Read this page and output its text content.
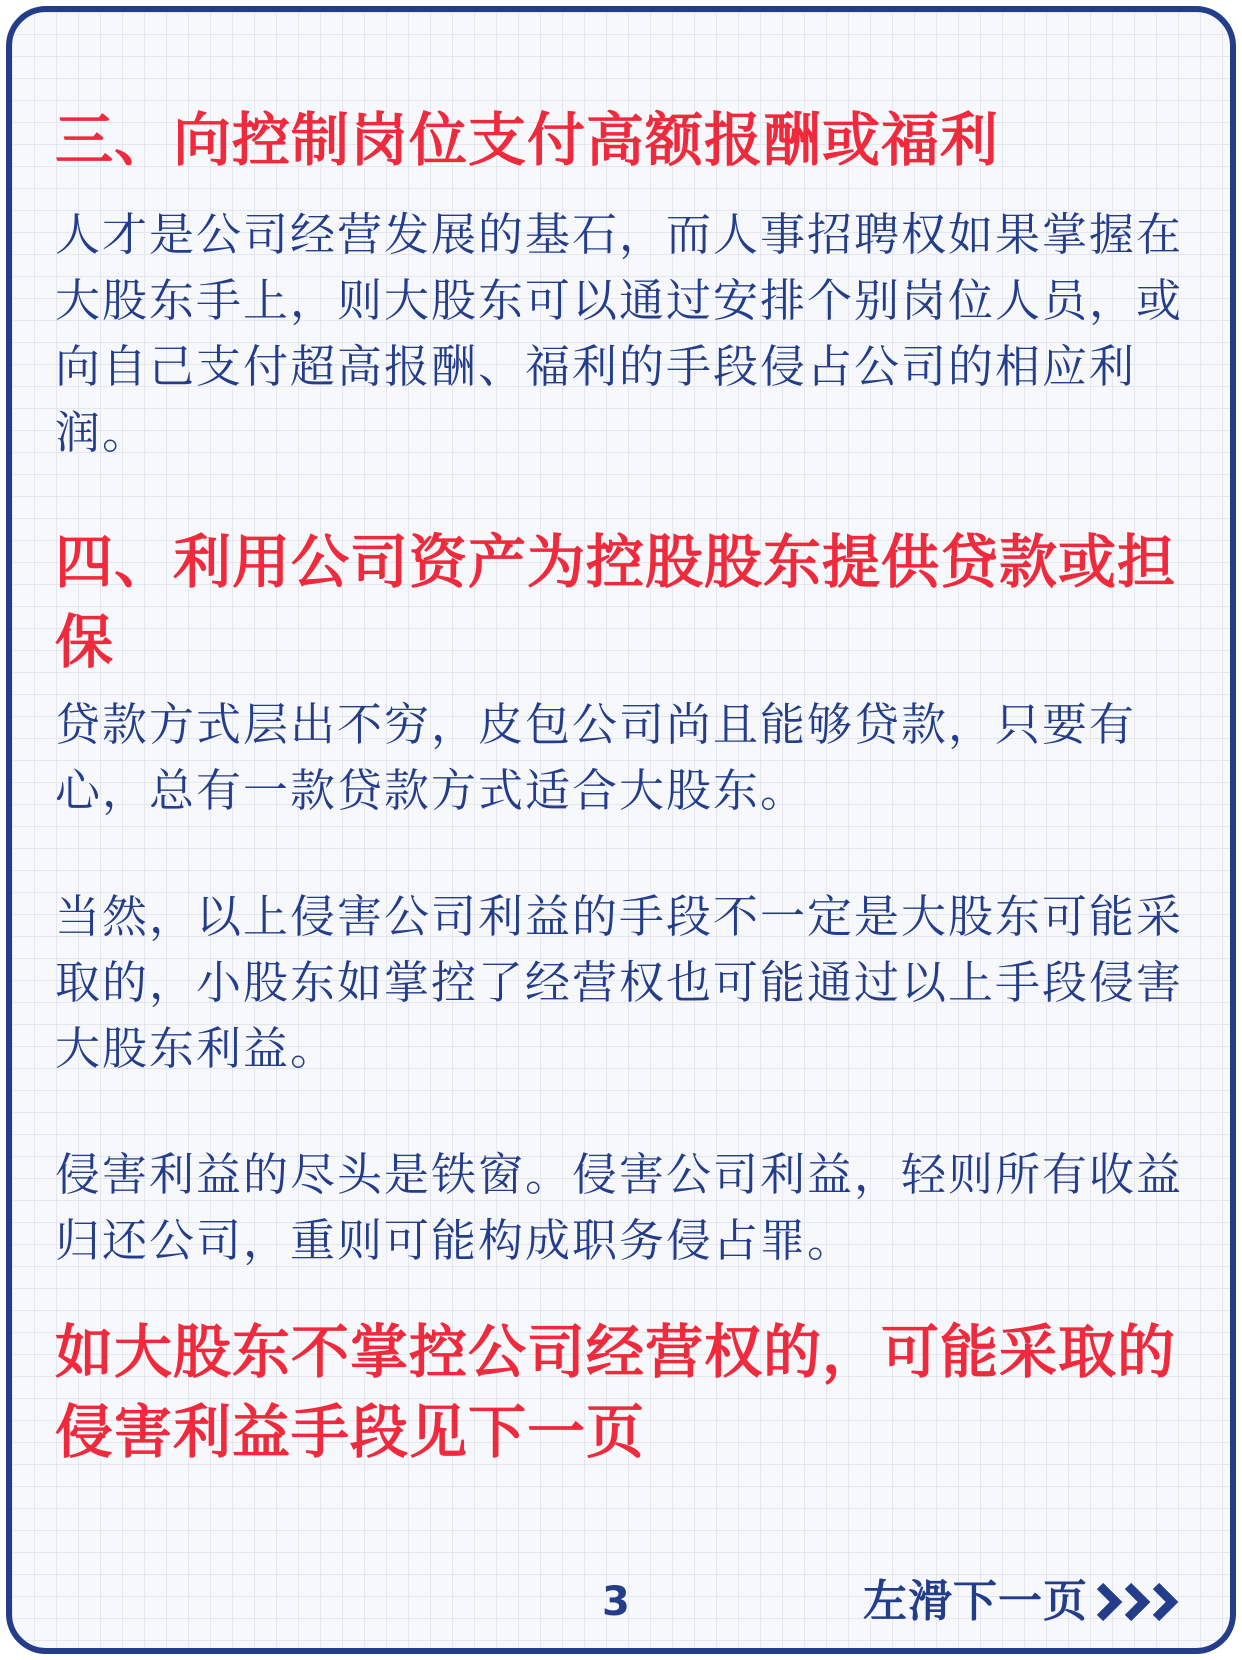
三、向控制岗位支付高额报酬或福利

人才是公司经营发展的基石，而人事招聘权如果掌握在大股东手上，则大股东可以通过安排个别岗位人员，或向自己支付超高报酬、福利的手段侵占公司的相应利润。

四、利用公司资产为控股股东提供贷款或担保

贷款方式层出不穷，皮包公司尚且能够贷款，只要有心，总有一款贷款方式适合大股东。

当然，以上侵害公司利益的手段不一定是大股东可能采取的，小股东如掌控了经营权也可能通过以上手段侵害大股东利益。

侵害利益的尽头是铁窗。侵害公司利益，轻则所有收益归还公司，重则可能构成职务侵占罪。

如大股东不掌控公司经营权的，可能采取的侵害利益手段见下一页
3	左滑下一页
